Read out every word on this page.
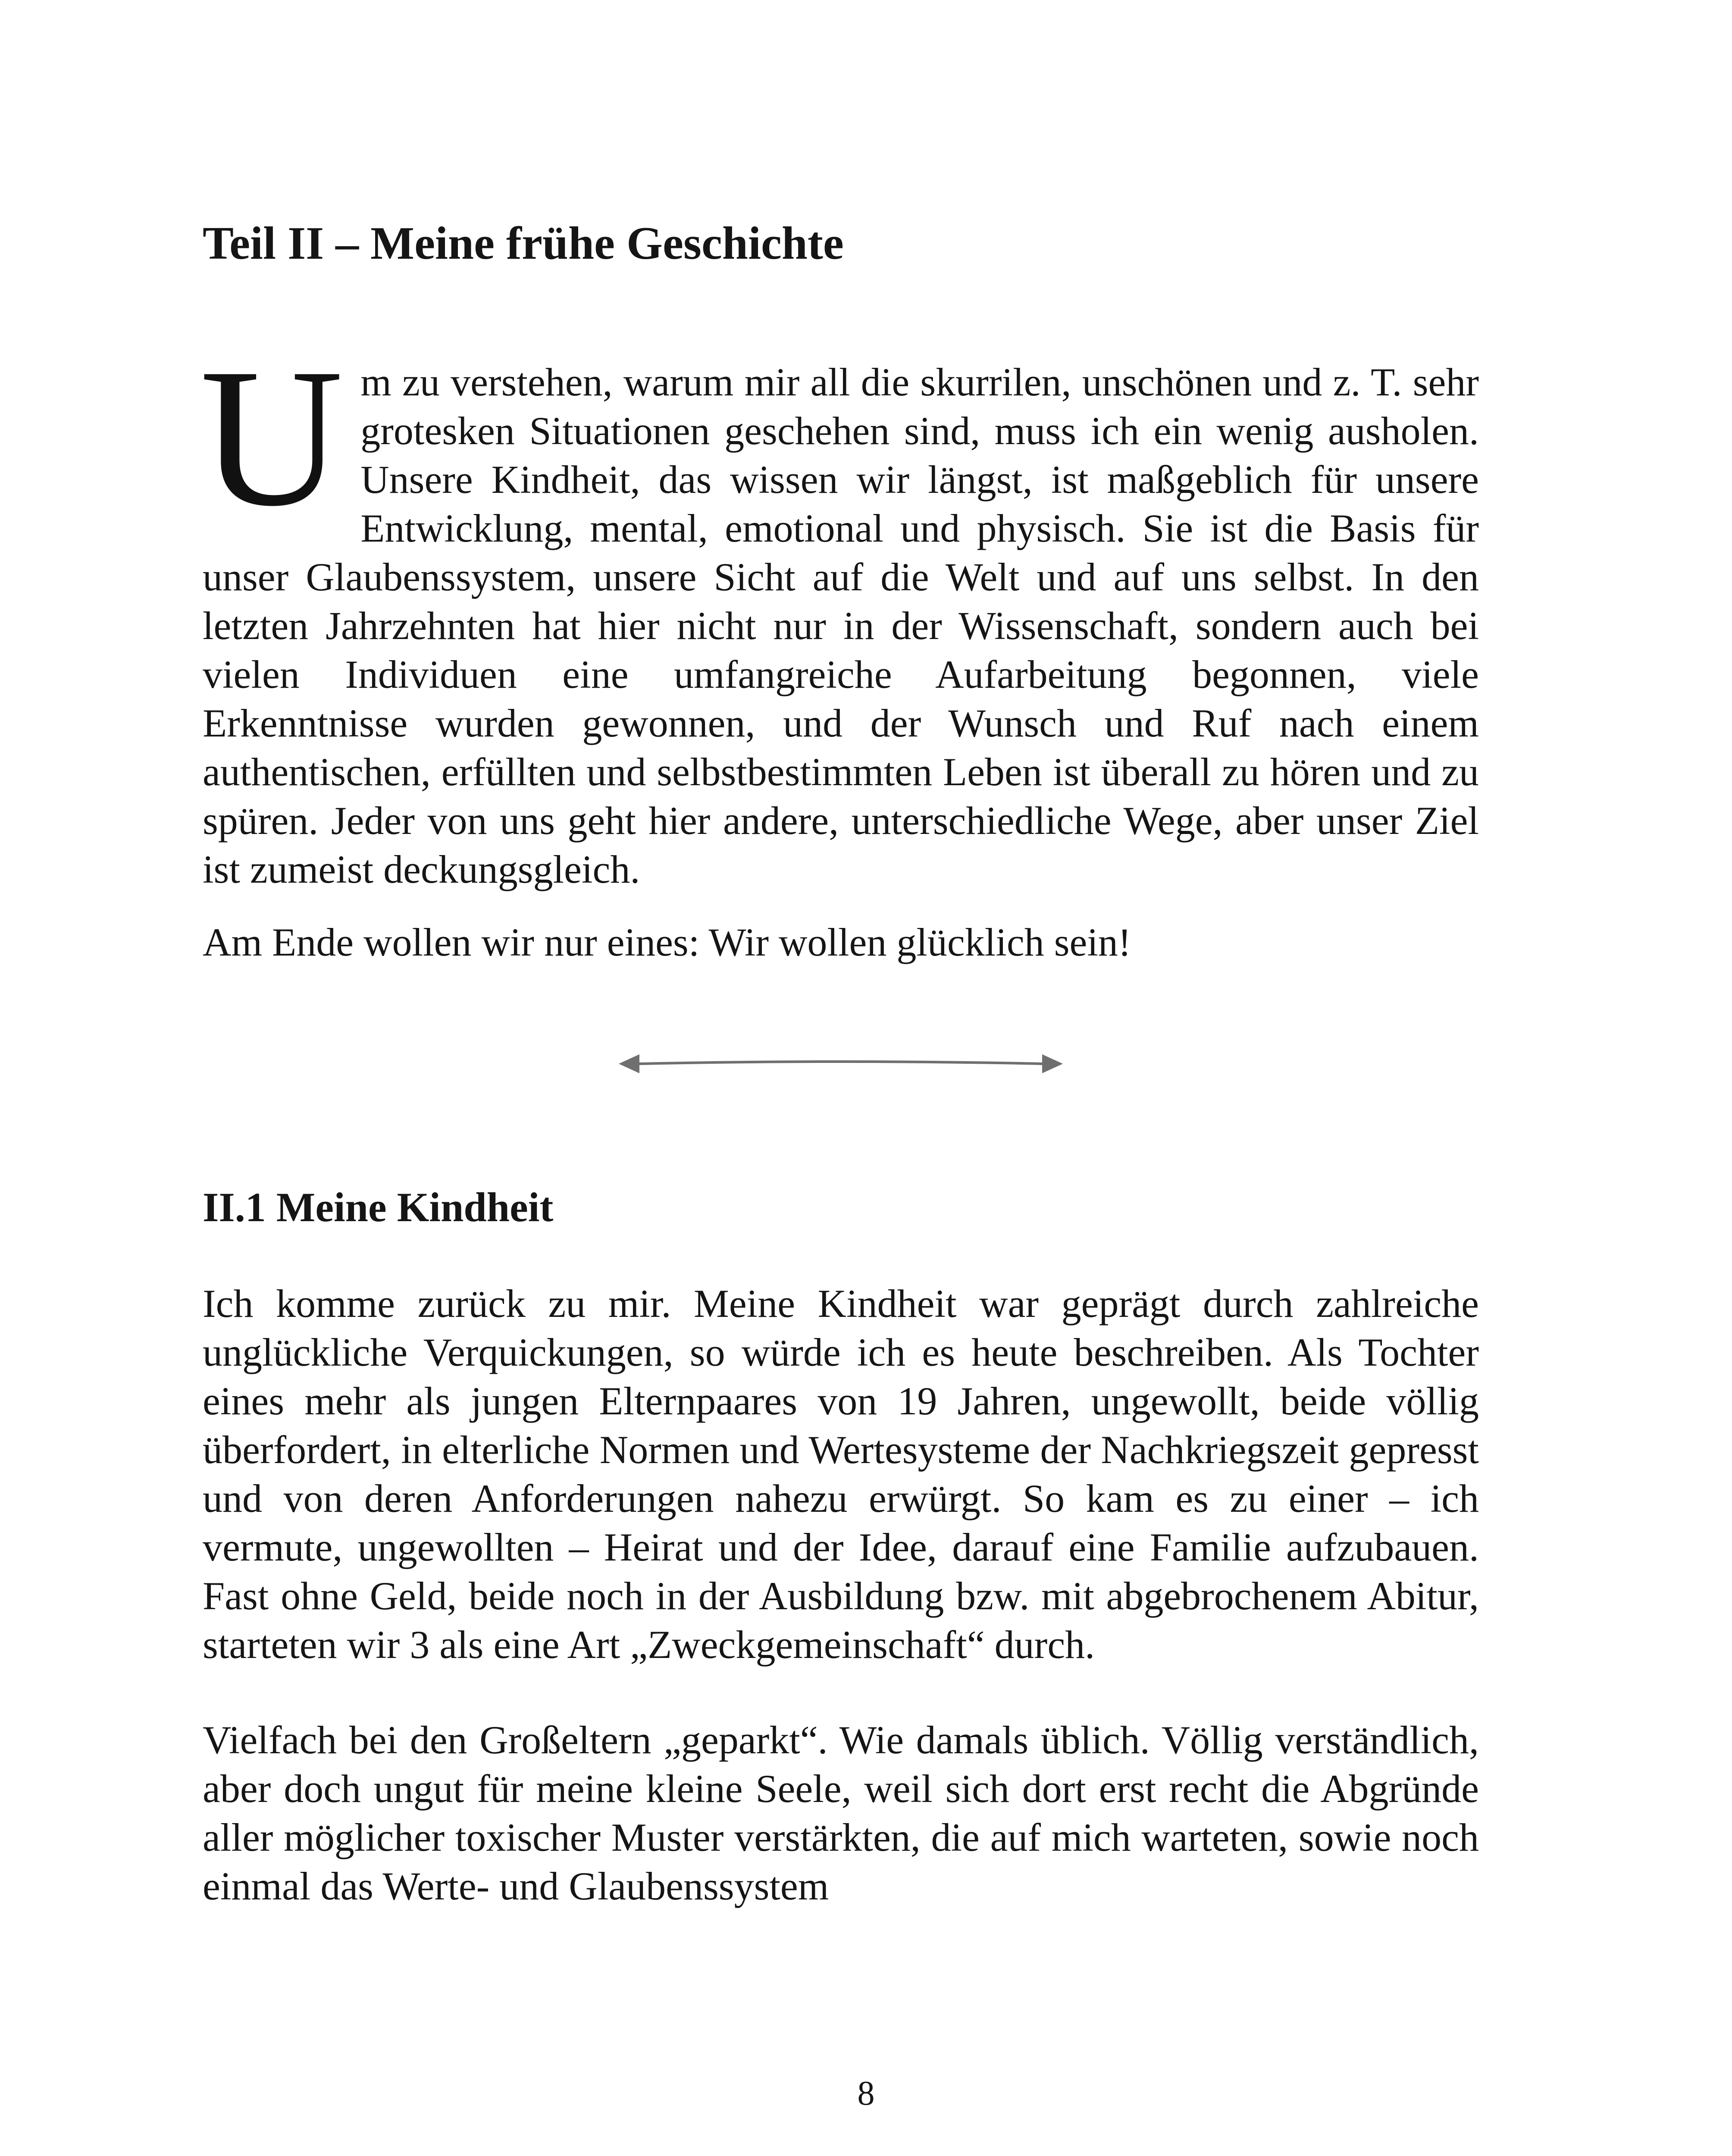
Teil II – Meine frühe Geschichte

Um zu verstehen, warum mir all die skurrilen, unschönen und z. T. sehr grotesken Situationen geschehen sind, muss ich ein wenig ausholen. Unsere Kindheit, das wissen wir längst, ist maßgeblich für unsere Entwicklung, mental, emotional und physisch. Sie ist die Basis für unser Glaubenssystem, unsere Sicht auf die Welt und auf uns selbst. In den letzten Jahrzehnten hat hier nicht nur in der Wissenschaft, sondern auch bei vielen Individuen eine umfangreiche Aufarbeitung begonnen, viele Erkenntnisse wurden gewonnen, und der Wunsch und Ruf nach einem authentischen, erfüllten und selbstbestimmten Leben ist überall zu hören und zu spüren. Jeder von uns geht hier andere, unterschiedliche Wege, aber unser Ziel ist zumeist deckungsgleich.

Am Ende wollen wir nur eines: Wir wollen glücklich sein!

II.1 Meine Kindheit

Ich komme zurück zu mir. Meine Kindheit war geprägt durch zahlreiche unglückliche Verquickungen, so würde ich es heute beschreiben. Als Tochter eines mehr als jungen Elternpaares von 19 Jahren, ungewollt, beide völlig überfordert, in elterliche Normen und Wertesysteme der Nachkriegszeit gepresst und von deren Anforderungen nahezu erwürgt. So kam es zu einer – ich vermute, ungewollten – Heirat und der Idee, darauf eine Familie aufzubauen. Fast ohne Geld, beide noch in der Ausbildung bzw. mit abgebrochenem Abitur, starteten wir 3 als eine Art „Zweckgemeinschaft“ durch.

Vielfach bei den Großeltern „geparkt“. Wie damals üblich. Völlig verständlich, aber doch ungut für meine kleine Seele, weil sich dort erst recht die Abgründe aller möglicher toxischer Muster verstärkten, die auf mich warteten, sowie noch einmal das Werte- und Glaubenssystem

8
